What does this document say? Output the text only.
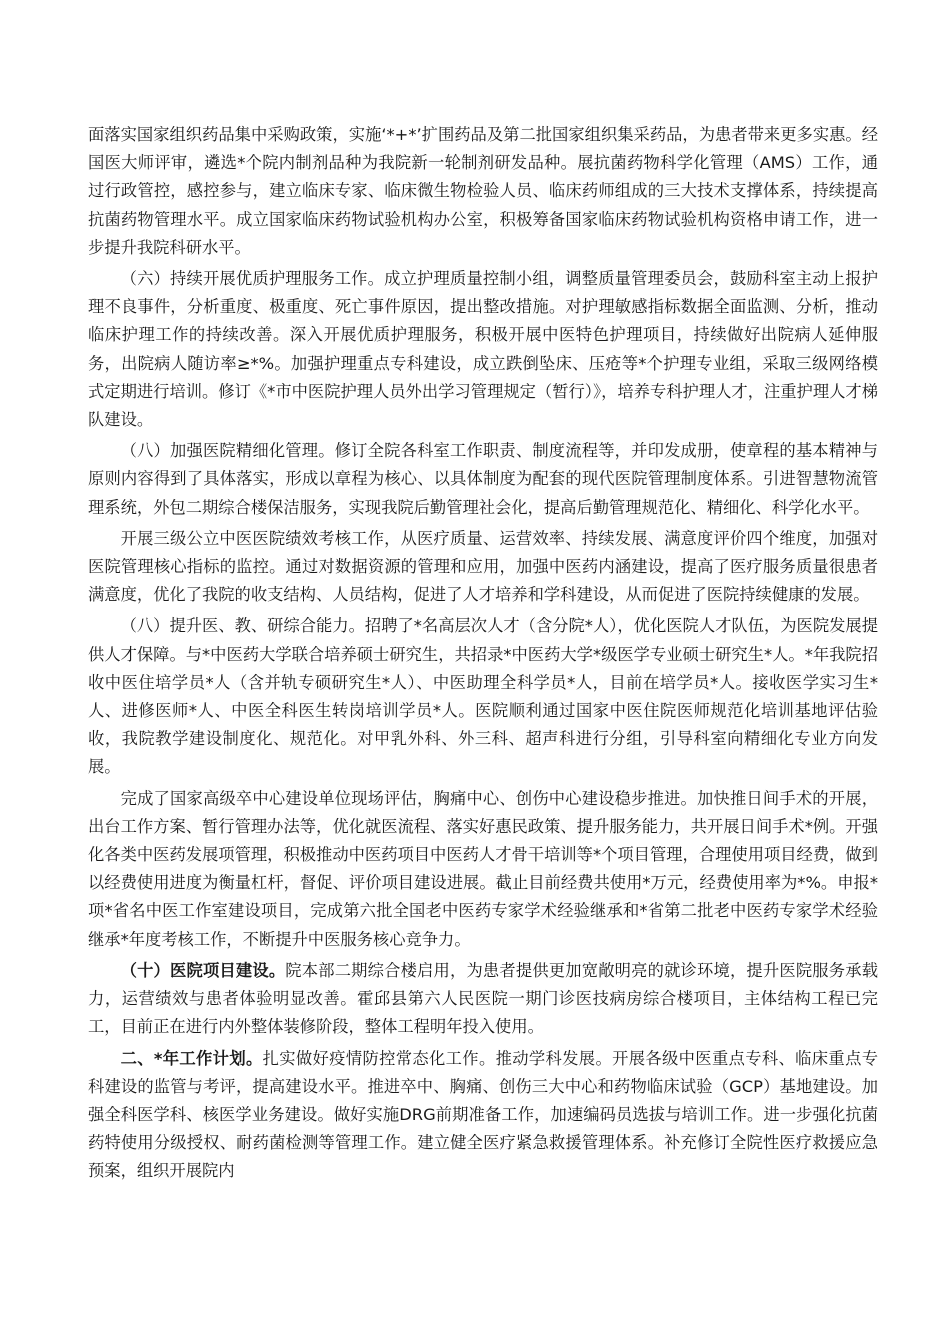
面落实国家组织药品集中采购政策，实施‘*+*’扩围药品及第二批国家组织集采药品，为患者带来更多实惠。经国医大师评审，遴选*个院内制剂品种为我院新一轮制剂研发品种。展抗菌药物科学化管理（AMS）工作，通过行政管控，感控参与，建立临床专家、临床微生物检验人员、临床药师组成的三大技术支撑体系，持续提高抗菌药物管理水平。成立国家临床药物试验机构办公室，积极筹备国家临床药物试验机构资格申请工作，进一步提升我院科研水平。

（六）持续开展优质护理服务工作。成立护理质量控制小组，调整质量管理委员会，鼓励科室主动上报护理不良事件，分析重度、极重度、死亡事件原因，提出整改措施。对护理敏感指标数据全面监测、分析，推动临床护理工作的持续改善。深入开展优质护理服务，积极开展中医特色护理项目，持续做好出院病人延伸服务，出院病人随访率≥*%。加强护理重点专科建设，成立跌倒坠床、压疮等*个护理专业组，采取三级网络模式定期进行培训。修订《*市中医院护理人员外出学习管理规定（暂行）》，培养专科护理人才，注重护理人才梯队建设。

（八）加强医院精细化管理。修订全院各科室工作职责、制度流程等，并印发成册，使章程的基本精神与原则内容得到了具体落实，形成以章程为核心、以具体制度为配套的现代医院管理制度体系。引进智慧物流管理系统，外包二期综合楼保洁服务，实现我院后勤管理社会化，提高后勤管理规范化、精细化、科学化水平。

开展三级公立中医医院绩效考核工作，从医疗质量、运营效率、持续发展、满意度评价四个维度，加强对医院管理核心指标的监控。通过对数据资源的管理和应用，加强中医药内涵建设，提高了医疗服务质量很患者满意度，优化了我院的收支结构、人员结构，促进了人才培养和学科建设，从而促进了医院持续健康的发展。

（八）提升医、教、研综合能力。招聘了*名高层次人才（含分院*人），优化医院人才队伍，为医院发展提供人才保障。与*中医药大学联合培养硕士研究生，共招录*中医药大学*级医学专业硕士研究生*人。*年我院招收中医住培学员*人（含并轨专硕研究生*人）、中医助理全科学员*人，目前在培学员*人。接收医学实习生*人、进修医师*人、中医全科医生转岗培训学员*人。医院顺利通过国家中医住院医师规范化培训基地评估验收，我院教学建设制度化、规范化。对甲乳外科、外三科、超声科进行分组，引导科室向精细化专业方向发展。

完成了国家高级卒中心建设单位现场评估，胸痛中心、创伤中心建设稳步推进。加快推日间手术的开展，出台工作方案、暂行管理办法等，优化就医流程、落实好惠民政策、提升服务能力，共开展日间手术*例。开强化各类中医药发展项管理，积极推动中医药项目中医药人才骨干培训等*个项目管理，合理使用项目经费，做到以经费使用进度为衡量杠杆，督促、评价项目建设进展。截止目前经费共使用*万元，经费使用率为*%。申报*项*省名中医工作室建设项目，完成第六批全国老中医药专家学术经验继承和*省第二批老中医药专家学术经验继承*年度考核工作，不断提升中医服务核心竞争力。

（十）医院项目建设。院本部二期综合楼启用，为患者提供更加宽敞明亮的就诊环境，提升医院服务承载力，运营绩效与患者体验明显改善。霍邱县第六人民医院一期门诊医技病房综合楼项目，主体结构工程已完工，目前正在进行内外整体装修阶段，整体工程明年投入使用。

二、*年工作计划。扎实做好疫情防控常态化工作。推动学科发展。开展各级中医重点专科、临床重点专科建设的监管与考评，提高建设水平。推进卒中、胸痛、创伤三大中心和药物临床试验（GCP）基地建设。加强全科医学科、核医学业务建设。做好实施DRG前期准备工作，加速编码员选拔与培训工作。进一步强化抗菌药特使用分级授权、耐药菌检测等管理工作。建立健全医疗紧急救援管理体系。补充修订全院性医疗救援应急预案，组织开展院内
